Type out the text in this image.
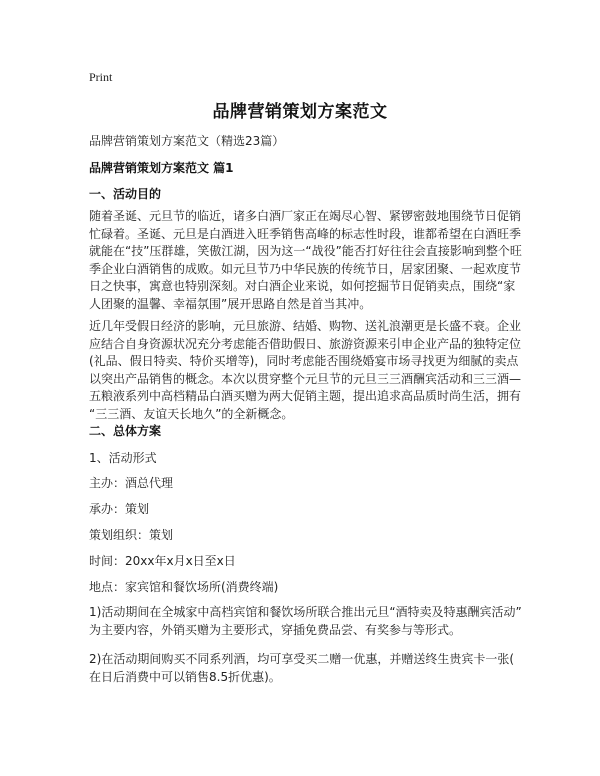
Print
品牌营销策划方案范文
品牌营销策划方案范文（精选23篇）
品牌营销策划方案范文 篇1
一、活动目的
随着圣诞、元旦节的临近，诸多白酒厂家正在竭尽心智、紧锣密鼓地围绕节日促销
忙碌着。圣诞、元旦是白酒进入旺季销售高峰的标志性时段，谁都希望在白酒旺季
就能在“技”压群雄，笑傲江湖，因为这一“战役”能否打好往往会直接影响到整个旺
季企业白酒销售的成败。如元旦节乃中华民族的传统节日，居家团聚、一起欢度节
日之快事，寓意也特别深刻。对白酒企业来说，如何挖掘节日促销卖点，围绕“家
人团聚的温馨、幸福氛围”展开思路自然是首当其冲。
近几年受假日经济的影响，元旦旅游、结婚、购物、送礼浪潮更是长盛不衰。企业
应结合自身资源状况充分考虑能否借助假日、旅游资源来引申企业产品的独特定位
(礼品、假日特卖、特价买增等)，同时考虑能否围绕婚宴市场寻找更为细腻的卖点
以突出产品销售的概念。本次以贯穿整个元旦节的元旦三三酒酬宾活动和三三酒—
五粮液系列中高档精品白酒买赠为两大促销主题，提出追求高品质时尚生活，拥有
“三三酒、友谊天长地久”的全新概念。
二、总体方案
1、活动形式
主办：酒总代理
承办：策划
策划组织：策划
时间：20xx年x月x日至x日
地点：家宾馆和餐饮场所(消费终端)
1)活动期间在全城家中高档宾馆和餐饮场所联合推出元旦“酒特卖及特惠酬宾活动”
为主要内容，外销买赠为主要形式，穿插免费品尝、有奖参与等形式。
2)在活动期间购买不同系列酒，均可享受买二赠一优惠，并赠送终生贵宾卡一张(
在日后消费中可以销售8.5折优惠)。
